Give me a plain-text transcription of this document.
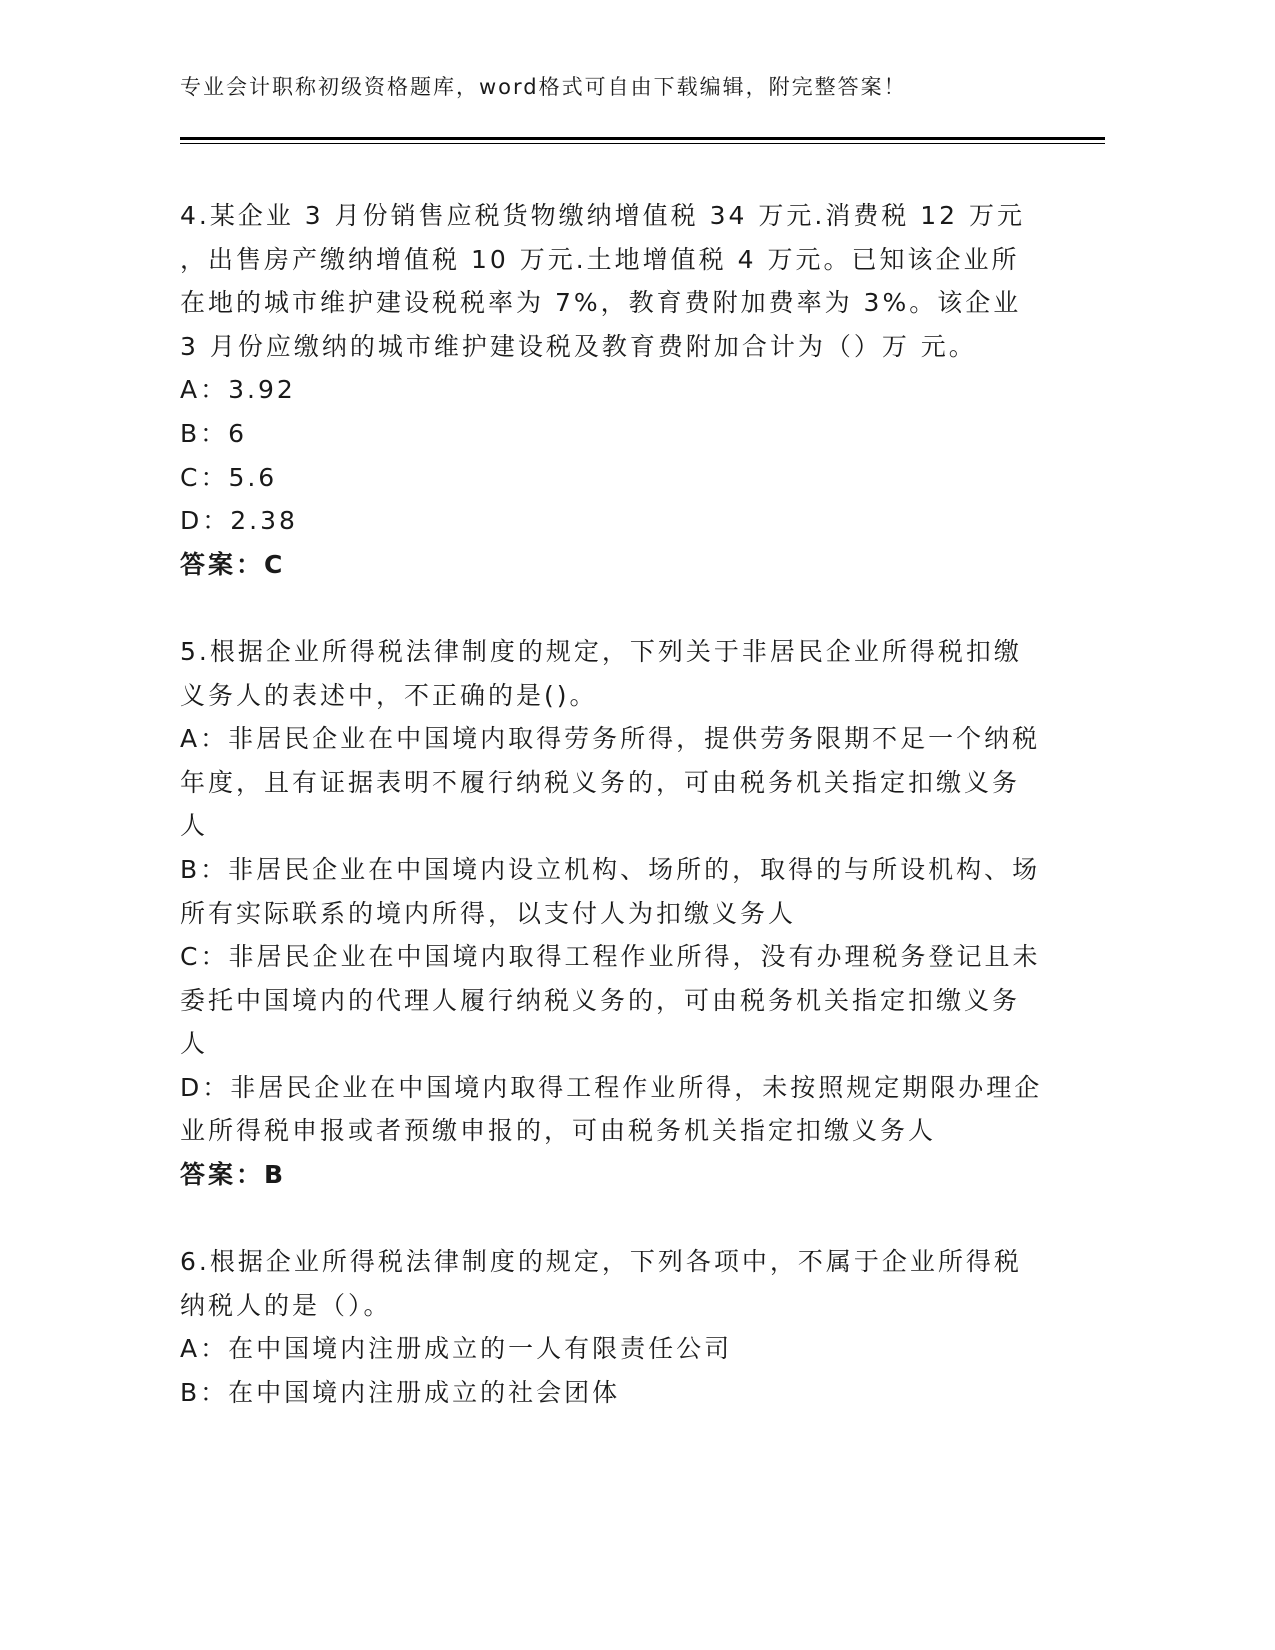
专业会计职称初级资格题库，word格式可自由下载编辑，附完整答案！
4.某企业 3 月份销售应税货物缴纳增值税 34 万元.消费税 12 万元
，出售房产缴纳增值税 10 万元.土地增值税 4 万元。已知该企业所
在地的城市维护建设税税率为 7%，教育费附加费率为 3%。该企业
3 月份应缴纳的城市维护建设税及教育费附加合计为（）万 元。
A：3.92
B：6
C：5.6
D：2.38
答案：C
5.根据企业所得税法律制度的规定，下列关于非居民企业所得税扣缴
义务人的表述中，不正确的是()。
A：非居民企业在中国境内取得劳务所得，提供劳务限期不足一个纳税
年度，且有证据表明不履行纳税义务的，可由税务机关指定扣缴义务
人
B：非居民企业在中国境内设立机构、场所的，取得的与所设机构、场
所有实际联系的境内所得，以支付人为扣缴义务人
C：非居民企业在中国境内取得工程作业所得，没有办理税务登记且未
委托中国境内的代理人履行纳税义务的，可由税务机关指定扣缴义务
人
D：非居民企业在中国境内取得工程作业所得，未按照规定期限办理企
业所得税申报或者预缴申报的，可由税务机关指定扣缴义务人
答案：B
6.根据企业所得税法律制度的规定，下列各项中，不属于企业所得税
纳税人的是（）。
A：在中国境内注册成立的一人有限责任公司
B：在中国境内注册成立的社会团体
